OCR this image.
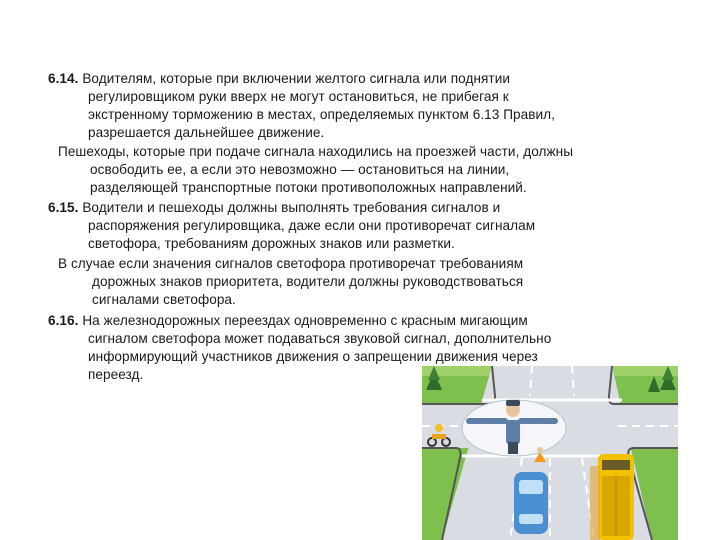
6.14. Водителям, которые при включении желтого сигнала или поднятии
регулировщиком руки вверх не могут остановиться, не прибегая к
экстренному торможению в местах, определяемых пунктом 6.13 Правил,
разрешается дальнейшее движение.
Пешеходы, которые при подаче сигнала находились на проезжей части, должны
освободить ее, а если это невозможно — остановиться на линии,
разделяющей транспортные потоки противоположных направлений.
6.15. Водители и пешеходы должны выполнять требования сигналов и
распоряжения регулировщика, даже если они противоречат сигналам
светофора, требованиям дорожных знаков или разметки.
В случае если значения сигналов светофора противоречат требованиям
дорожных знаков приоритета, водители должны руководствоваться
сигналами светофора.
6.16. На железнодорожных переездах одновременно с красным мигающим
сигналом светофора может подаваться звуковой сигнал, дополнительно
информирующий участников движения о запрещении движения через
переезд.
